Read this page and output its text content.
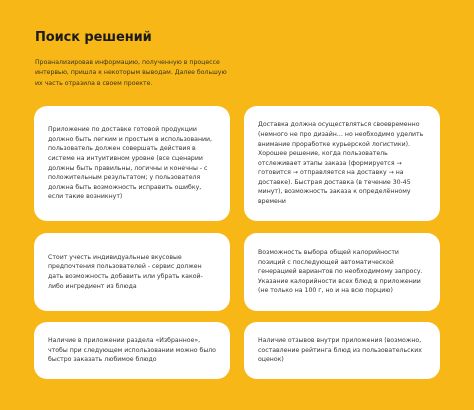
Поиск решений
Проанализировав информацию, полученную в процессе интервью, пришла к некоторым выводам. Далее большую их часть отразила в своем проекте.
Приложение по доставке готовой продукции должно быть легким и простым в использовании, пользователь должен совершать действия в системе на интуитивном уровне (все сценарии должны быть правильны, логичны и конечны - с положительным результатом; у пользователя должна быть возможность исправить ошибку, если такие возникнут)
Доставка должна осуществляться своевременно (немного не про дизайн… но необходимо уделить внимание проработке курьерской логистики). Хорошее решение, когда пользователь отслеживает этапы заказа (формируется → готовится → отправляется на доставку → на доставке). Быстрая доставка (в течение 30-45 минут), возможность заказа к определённому времени
Стоит учесть индивидуальные вкусовые предпочтения пользователей - сервис должен дать возможность добавить или убрать какой-либо ингредиент из блюда
Возможность выбора общей калорийности позиций с последующей автоматической генерацией вариантов по необходимому запросу. Указание калорийности всех блюд в приложении (не только на 100 г, но и на всю порцию)
Наличие в приложении раздела «Избранное», чтобы при следующем использовании можно было быстро заказать любимое блюдо
Наличие отзывов внутри приложения (возможно, составление рейтинга блюд из пользовательских оценок)
